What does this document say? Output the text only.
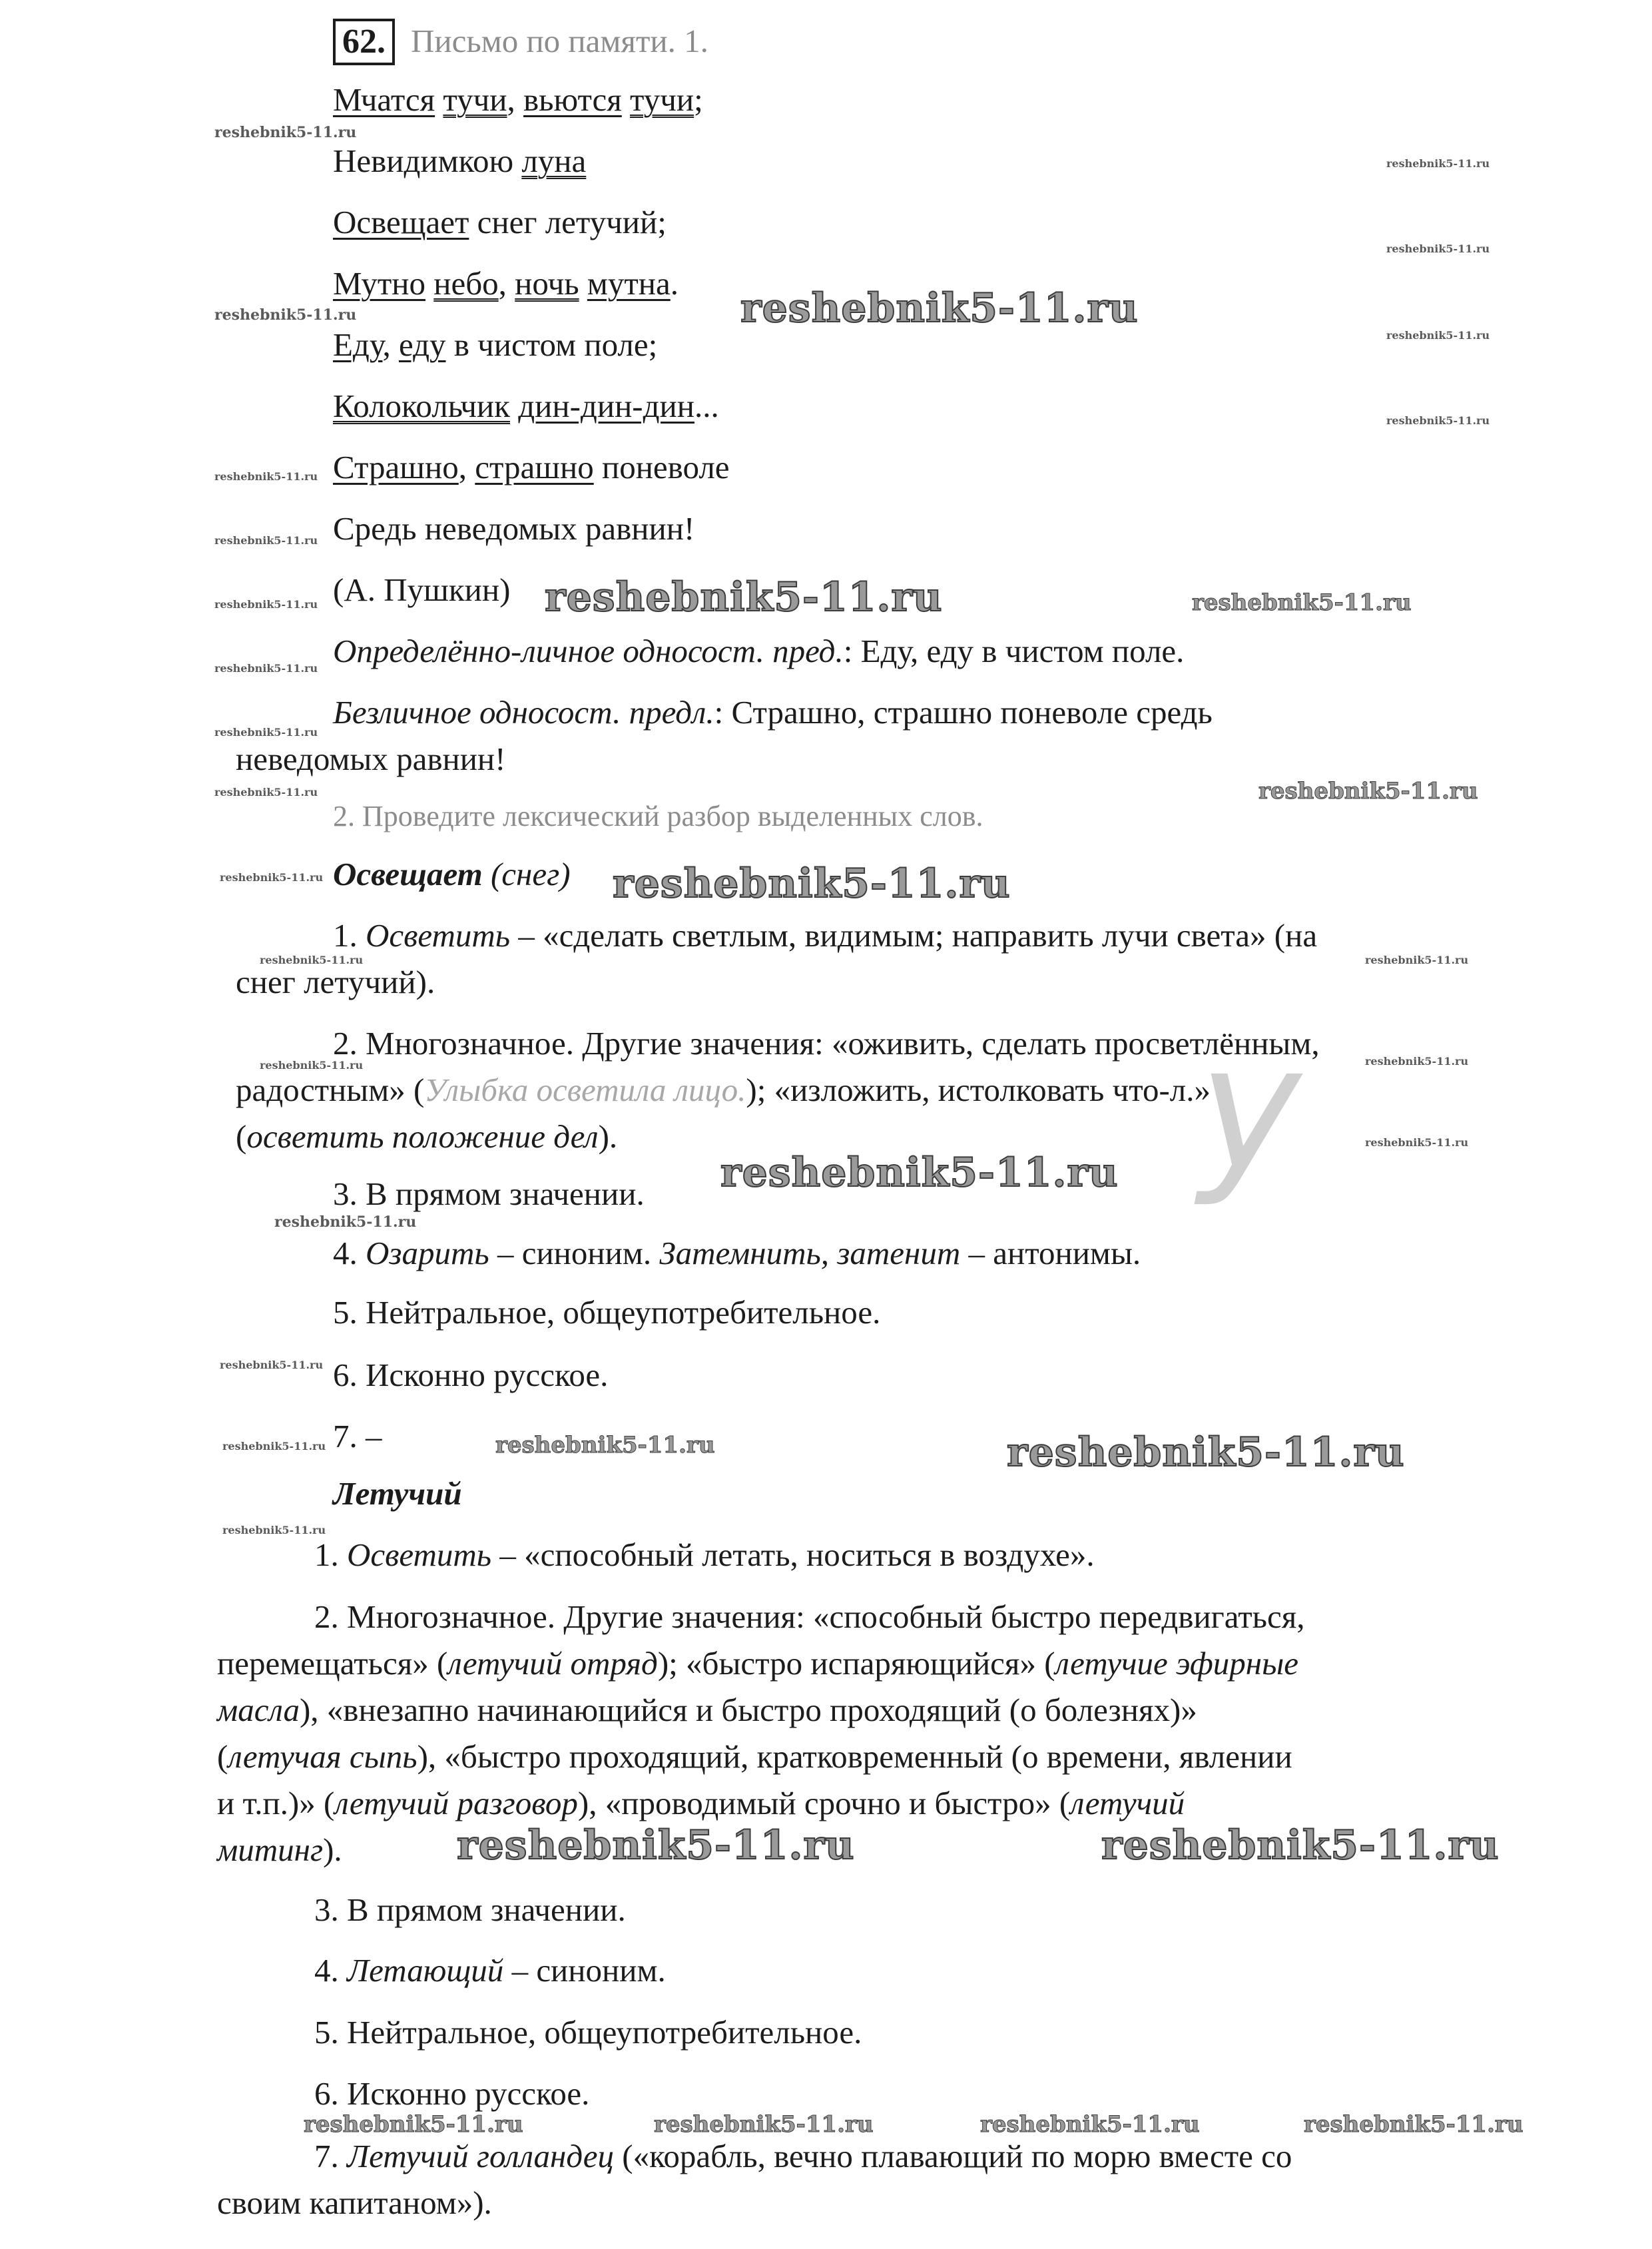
62. Письмо по памяти. 1.
Мчатся тучи, вьются тучи;
Невидимкою луна
Освещает снег летучий;
Мутно небо, ночь мутна.
Еду, еду в чистом поле;
Колокольчик дин-дин-дин...
Страшно, страшно поневоле
Средь неведомых равнин!
(А. Пушкин)
Определённо-личное односост. пред.: Еду, еду в чистом поле.
Безличное односост. предл.: Страшно, страшно поневоле средь
неведомых равнин!
2. Проведите лексический разбор выделенных слов.
Освещает (снег)
1. Осветить – «сделать светлым, видимым; направить лучи света» (на
снег летучий).
2. Многозначное. Другие значения: «оживить, сделать просветлённым,
радостным» (Улыбка осветила лицо.); «изложить, истолковать что-л.»
(осветить положение дел).
3. В прямом значении.
4. Озарить – синоним. Затемнить, затенит – антонимы.
5. Нейтральное, общеупотребительное.
6. Исконно русское.
7. –
Летучий
1. Осветить – «способный летать, носиться в воздухе».
2. Многозначное. Другие значения: «способный быстро передвигаться,
перемещаться» (летучий отряд); «быстро испаряющийся» (летучие эфирные
масла), «внезапно начинающийся и быстро проходящий (о болезнях)»
(летучая сыпь), «быстро проходящий, кратковременный (о времени, явлении
и т.п.)» (летучий разговор), «проводимый срочно и быстро» (летучий
митинг).
3. В прямом значении.
4. Летающий – синоним.
5. Нейтральное, общеупотребительное.
6. Исконно русское.
7. Летучий голландец («корабль, вечно плавающий по морю вместе со
своим капитаном»).
у
reshebnik5-11.ru
reshebnik5-11.ru
reshebnik5-11.ru
reshebnik5-11.ru	reshebnik5-11.ru
reshebnik5-11.ru
reshebnik5-11.ru
reshebnik5-11.ru
reshebnik5-11.ru
reshebnik5-11.ru	reshebnik5-11.ru	reshebnik5-11.ru
reshebnik5-11.ru
reshebnik5-11.ru
reshebnik5-11.ru	reshebnik5-11.ru
reshebnik5-11.ru	reshebnik5-11.ru
reshebnik5-11.ru	reshebnik5-11.ru
reshebnik5-11.ru	reshebnik5-11.ru
reshebnik5-11.ru
reshebnik5-11.ru
reshebnik5-11.ru
reshebnik5-11.ru
reshebnik5-11.ru	reshebnik5-11.ru	reshebnik5-11.ru
reshebnik5-11.ru
reshebnik5-11.ru	reshebnik5-11.ru
reshebnik5-11.ru	reshebnik5-11.ru	reshebnik5-11.ru	reshebnik5-11.ru
